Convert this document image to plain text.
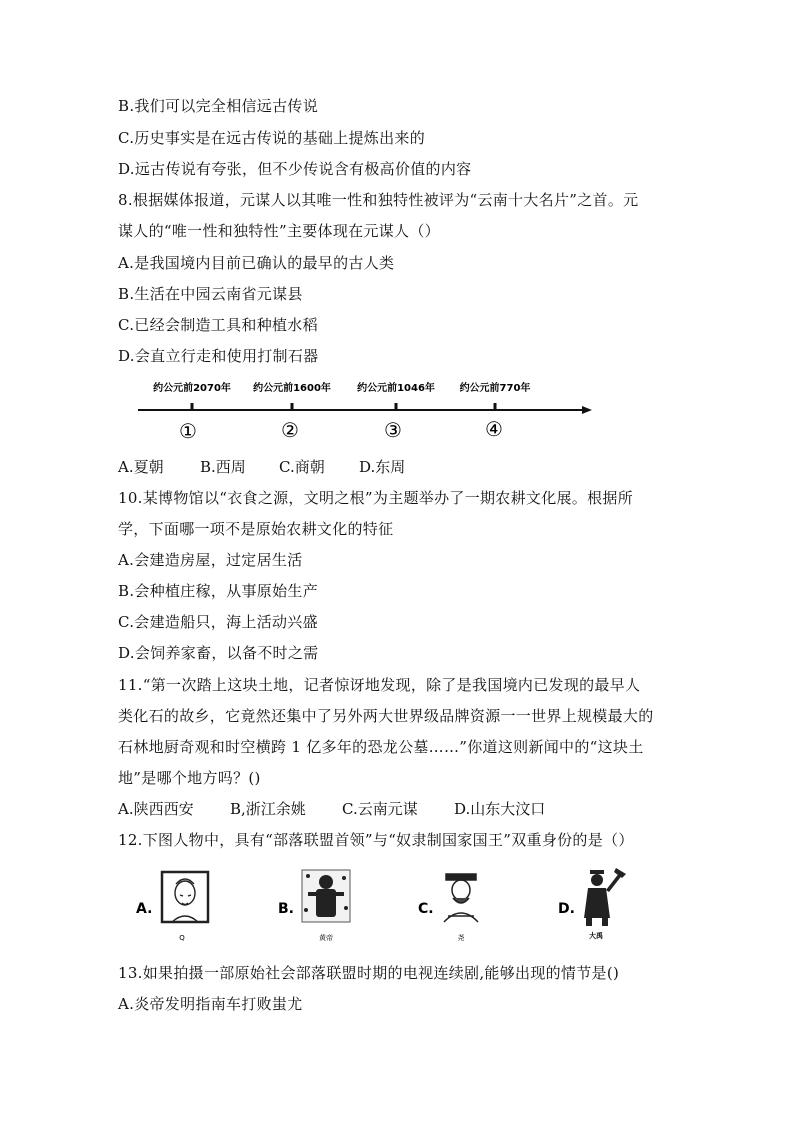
B.我们可以完全相信远古传说
C.历史事实是在远古传说的基础上提炼出来的
D.远古传说有夸张，但不少传说含有极高价值的内容
8.根据媒体报道，元谋人以其唯一性和独特性被评为“云南十大名片”之首。元
谋人的“唯一性和独特性”主要体现在元谋人（）
A.是我国境内目前已确认的最早的古人类
B.生活在中园云南省元谋县
C.已经会制造工具和种植水稻
D.会直立行走和使用打制石器
约公元前2070年 约公元前1600年	约公元前1046年 约公元前770年
①	②	③	④
A.夏朝 B.西周 C.商朝 D.东周
10.某博物馆以“衣食之源，文明之根”为主题举办了一期农耕文化展。根据所
学，下面哪一项不是原始农耕文化的特征
A.会建造房屋，过定居生活
B.会种植庄稼，从事原始生产
C.会建造船只，海上活动兴盛
D.会饲养家畜，以备不时之需
11.“第一次踏上这块土地，记者惊讶地发现，除了是我国境内已发现的最早人
类化石的故乡，它竟然还集中了另外两大世界级品牌资源一一世界上规模最大的
石林地厨奇观和时空横跨 1 亿多年的恐龙公墓……”你道这则新闻中的“这块土
地”是哪个地方吗？()
A.陕西西安 B,浙江余姚 C.云南元谋 D.山东大汶口
12.下图人物中，具有“部落联盟首领”与“奴隶制国家国王”双重身份的是（）
A.
Q
B.
黄帝
C.
尧
D.
大禹
13.如果拍摄一部原始社会部落联盟时期的电视连续剧,能够出现的情节是()
A.炎帝发明指南车打败蚩尤
